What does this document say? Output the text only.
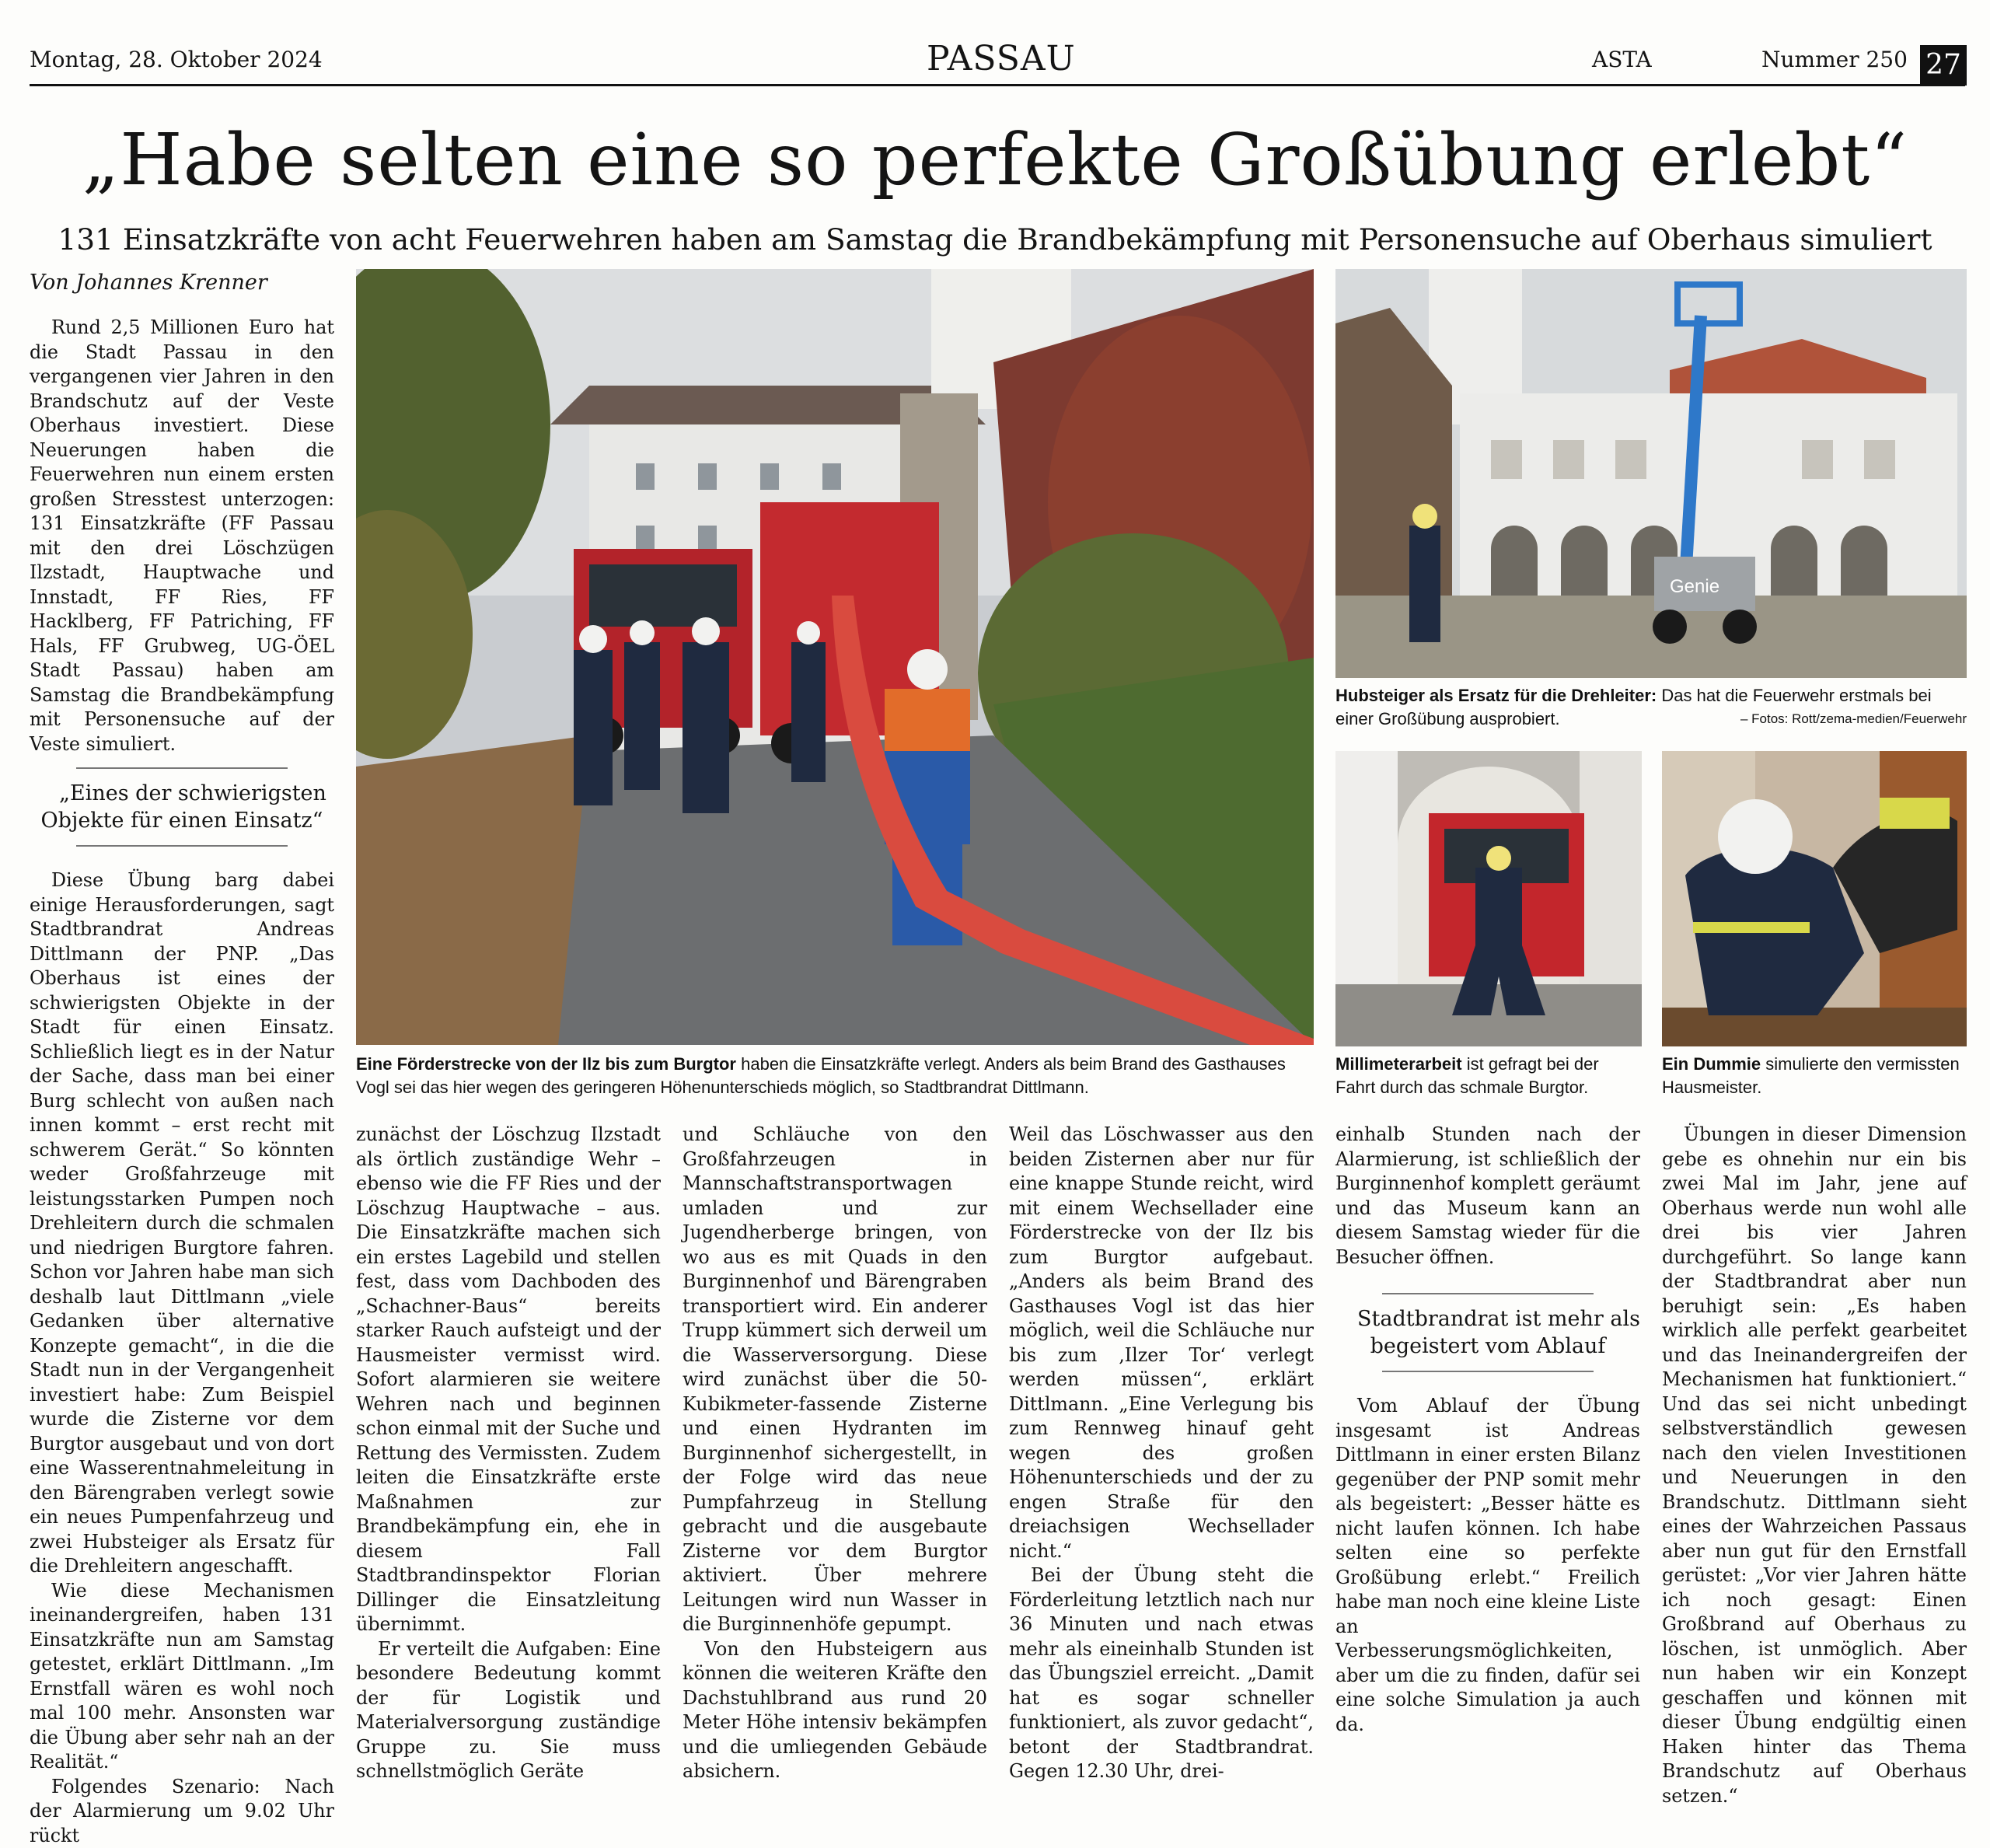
Montag, 28. Oktober 2024	PASSAU	ASTA	Nummer 250 27
„Habe selten eine so perfekte Großübung erlebt“
131 Einsatzkräfte von acht Feuerwehren haben am Samstag die Brandbekämpfung mit Personensuche auf Oberhaus simuliert
Von Johannes Krenner

Rund 2,5 Millionen Euro hat die Stadt Passau in den vergangenen vier Jahren in den Brandschutz auf der Veste Oberhaus investiert. Diese Neuerungen haben die Feuerwehren nun einem ersten großen Stresstest unterzogen: 131 Einsatzkräfte (FF Passau mit den drei Löschzügen Ilzstadt, Hauptwache und Innstadt, FF Ries, FF Hacklberg, FF Patriching, FF Hals, FF Grubweg, UG-ÖEL Stadt Passau) haben am Samstag die Brandbekämpfung mit Personensuche auf der Veste simuliert.

„Eines der schwierigsten Objekte für einen Einsatz“

Diese Übung barg dabei einige Herausforderungen, sagt Stadtbrandrat Andreas Dittlmann der PNP. „Das Oberhaus ist eines der schwierigsten Objekte in der Stadt für einen Einsatz. Schließlich liegt es in der Natur der Sache, dass man bei einer Burg schlecht von außen nach innen kommt – erst recht mit schwerem Gerät.“ So könnten weder Großfahrzeuge mit leistungsstarken Pumpen noch Drehleitern durch die schmalen und niedrigen Burgtore fahren. Schon vor Jahren habe man sich deshalb laut Dittlmann „viele Gedanken über alternative Konzepte gemacht“, in die die Stadt nun in der Vergangenheit investiert habe: Zum Beispiel wurde die Zisterne vor dem Burgtor ausgebaut und von dort eine Wasserentnahmeleitung in den Bärengraben verlegt sowie ein neues Pumpenfahrzeug und zwei Hubsteiger als Ersatz für die Drehleitern angeschafft.

Wie diese Mechanismen ineinandergreifen, haben 131 Einsatzkräfte nun am Samstag getestet, erklärt Dittlmann. „Im Ernstfall wären es wohl noch mal 100 mehr. Ansonsten war die Übung aber sehr nah an der Realität.“

Folgendes Szenario: Nach der Alarmierung um 9.02 Uhr rückt

zunächst der Löschzug Ilzstadt als örtlich zuständige Wehr – ebenso wie die FF Ries und der Löschzug Hauptwache – aus. Die Einsatzkräfte machen sich ein erstes Lagebild und stellen fest, dass vom Dachboden des „Schachner-Baus“ bereits starker Rauch aufsteigt und der Hausmeister vermisst wird. Sofort alarmieren sie weitere Wehren nach und beginnen schon einmal mit der Suche und Rettung des Vermissten. Zudem leiten die Einsatzkräfte erste Maßnahmen zur Brandbekämpfung ein, ehe in diesem Fall Stadtbrandinspektor Florian Dillinger die Einsatzleitung übernimmt.

Er verteilt die Aufgaben: Eine besondere Bedeutung kommt der für Logistik und Materialversorgung zuständige Gruppe zu. Sie muss schnellstmöglich Geräte

und Schläuche von den Großfahrzeugen in Mannschaftstransportwagen umladen und zur Jugendherberge bringen, von wo aus es mit Quads in den Burginnenhof und Bärengraben transportiert wird. Ein anderer Trupp kümmert sich derweil um die Wasserversorgung. Diese wird zunächst über die 50-Kubikmeter-fassende Zisterne und einen Hydranten im Burginnenhof sichergestellt, in der Folge wird das neue Pumpfahrzeug in Stellung gebracht und die ausgebaute Zisterne vor dem Burgtor aktiviert. Über mehrere Leitungen wird nun Wasser in die Burginnenhöfe gepumpt.

Von den Hubsteigern aus können die weiteren Kräfte den Dachstuhlbrand aus rund 20 Meter Höhe intensiv bekämpfen und die umliegenden Gebäude absichern.

Weil das Löschwasser aus den beiden Zisternen aber nur für eine knappe Stunde reicht, wird mit einem Wechsellader eine Förderstrecke von der Ilz bis zum Burgtor aufgebaut. „Anders als beim Brand des Gasthauses Vogl ist das hier möglich, weil die Schläuche nur bis zum ‚Ilzer Tor‘ verlegt werden müssen“, erklärt Dittlmann. „Eine Verlegung bis zum Rennweg hinauf geht wegen des großen Höhenunterschieds und der zu engen Straße für den dreiachsigen Wechsellader nicht.“

Bei der Übung steht die Förderleitung letztlich nach nur 36 Minuten und nach etwas mehr als eineinhalb Stunden ist das Übungsziel erreicht. „Damit hat es sogar schneller funktioniert, als zuvor gedacht“, betont der Stadtbrandrat. Gegen 12.30 Uhr, drei-

einhalb Stunden nach der Alarmierung, ist schließlich der Burginnenhof komplett geräumt und das Museum kann an diesem Samstag wieder für die Besucher öffnen.

Stadtbrandrat ist mehr als begeistert vom Ablauf

Vom Ablauf der Übung insgesamt ist Andreas Dittlmann in einer ersten Bilanz gegenüber der PNP somit mehr als begeistert: „Besser hätte es nicht laufen können. Ich habe selten eine so perfekte Großübung erlebt.“ Freilich habe man noch eine kleine Liste an Verbesserungsmöglichkeiten, aber um die zu finden, dafür sei eine solche Simulation ja auch da.

Übungen in dieser Dimension gebe es ohnehin nur ein bis zwei Mal im Jahr, jene auf Oberhaus werde nun wohl alle drei bis vier Jahren durchgeführt. So lange kann der Stadtbrandrat aber nun beruhigt sein: „Es haben wirklich alle perfekt gearbeitet und das Ineinandergreifen der Mechanismen hat funktioniert.“ Und das sei nicht unbedingt selbstverständlich gewesen nach den vielen Investitionen und Neuerungen in den Brandschutz. Dittlmann sieht eines der Wahrzeichen Passaus aber nun gut für den Ernstfall gerüstet: „Vor vier Jahren hätte ich noch gesagt: Einen Großbrand auf Oberhaus zu löschen, ist unmöglich. Aber nun haben wir ein Konzept geschaffen und können mit dieser Übung endgültig einen Haken hinter das Thema Brandschutz auf Oberhaus setzen.“

Eine Förderstrecke von der Ilz bis zum Burgtor haben die Einsatzkräfte verlegt. Anders als beim Brand des Gasthauses Vogl sei das hier wegen des geringeren Höhenunterschieds möglich, so Stadtbrandrat Dittlmann.
Genie
Hubsteiger als Ersatz für die Drehleiter: Das hat die Feuerwehr erstmals bei einer Großübung ausprobiert.	– Fotos: Rott/zema-medien/Feuerwehr
Millimeterarbeit ist gefragt bei der Fahrt durch das schmale Burgtor.
Ein Dummie simulierte den vermissten Hausmeister.
